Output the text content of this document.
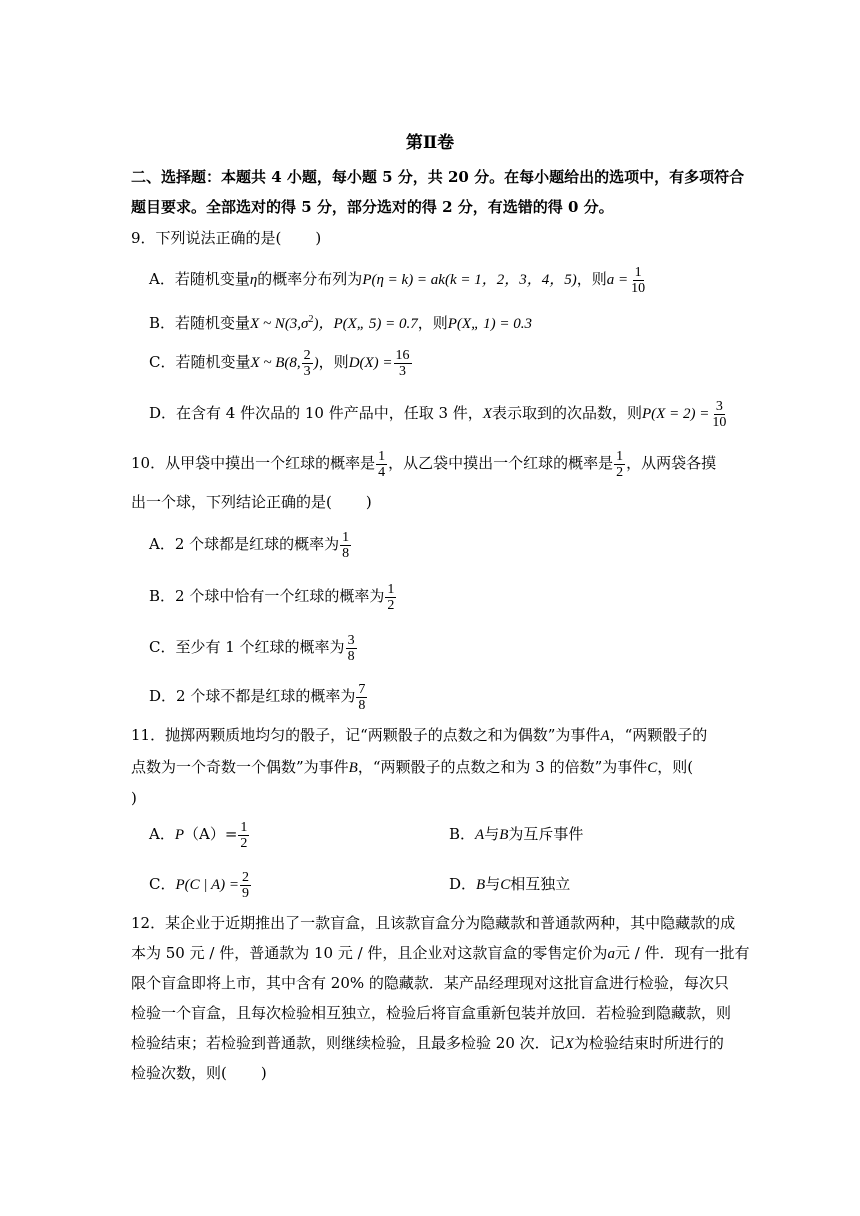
第Ⅱ卷
二、选择题：本题共 4 小题，每小题 5 分，共 20 分。在每小题给出的选项中，有多项符合
题目要求。全部选对的得 5 分，部分选对的得 2 分，有选错的得 0 分。
9．下列说法正确的是( )
A．若随机变量η的概率分布列为P(η = k) = ak(k = 1，2，3，4，5)，则$a = \frac{1}{10}$
B．若随机变量X ~ $N(3,\sigma^2)$，P(X„ 5) = 0.7，则P(X„ 1) = 0.3
C．若随机变量X ~ B(8, $\frac{2}{3}$ )，则$D(X) = \frac{16}{3}$
D．在含有 4 件次品的 10 件产品中，任取 3 件，X表示取到的次品数，则$P(X = 2) = \frac{3}{10}$
10．从甲袋中摸出一个红球的概率是 $\frac{1}{4}$ ，从乙袋中摸出一个红球的概率是 $\frac{1}{2}$ ，从两袋各摸
出一个球，下列结论正确的是( )
A．2 个球都是红球的概率为 $\frac{1}{8}$
B．2 个球中恰有一个红球的概率为 $\frac{1}{2}$
C．至少有 1 个红球的概率为 $\frac{3}{8}$
D．2 个球不都是红球的概率为 $\frac{7}{8}$
11．抛掷两颗质地均匀的骰子，记“两颗骰子的点数之和为偶数”为事件A，“两颗骰子的
点数为一个奇数一个偶数”为事件B，“两颗骰子的点数之和为 3 的倍数”为事件C，则(
)
A．$P(A)= \frac{1}{2}$	B．A与B为互斥事件
C．P(C | $A) = \frac{2}{9}$	D．B与C相互独立
12．某企业于近期推出了一款盲盒，且该款盲盒分为隐藏款和普通款两种，其中隐藏款的成
本为 50 元 / 件，普通款为 10 元 / 件，且企业对这款盲盒的零售定价为a元 / 件．现有一批有
限个盲盒即将上市，其中含有 20% 的隐藏款．某产品经理现对这批盲盒进行检验，每次只
检验一个盲盒，且每次检验相互独立，检验后将盲盒重新包装并放回．若检验到隐藏款，则
检验结束；若检验到普通款，则继续检验，且最多检验 20 次．记X为检验结束时所进行的
检验次数，则( )
